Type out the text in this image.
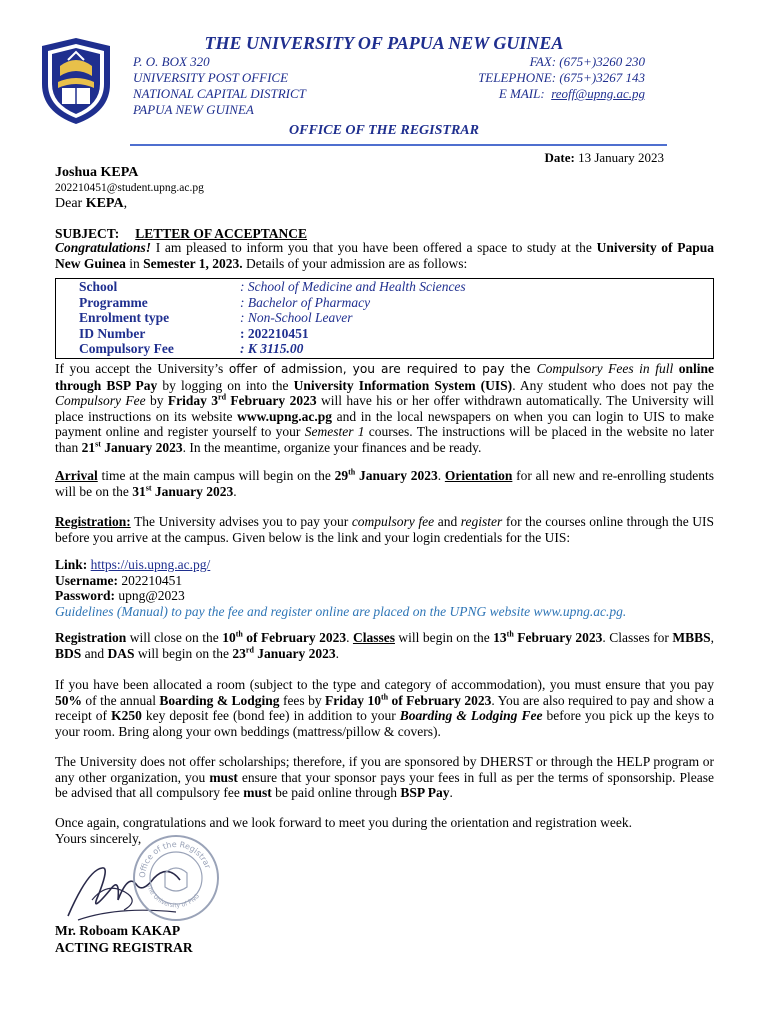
THE UNIVERSITY OF PAPUA NEW GUINEA
P. O. BOX 320
UNIVERSITY POST OFFICE
NATIONAL CAPITAL DISTRICT
PAPUA NEW GUINEA
FAX: (675+)3260 230
TELEPHONE: (675+)3267 143
E MAIL:  reoff@upng.ac.pg
OFFICE OF THE REGISTRAR
Date: 13 January 2023
Joshua KEPA
202210451@student.upng.ac.pg
Dear KEPA,
SUBJECT: LETTER OF ACCEPTANCE
Congratulations! I am pleased to inform you that you have been offered a space to study at the University of Papua New Guinea in Semester 1, 2023. Details of your admission are as follows:
School	: School of Medicine and Health Sciences
Programme	: Bachelor of Pharmacy
Enrolment type	: Non-School Leaver
ID Number	: 202210451
Compulsory Fee	: K 3115.00
If you accept the University’s offer of admission, you are required to pay the Compulsory Fees in full online through BSP Pay by logging on into the University Information System (UIS). Any student who does not pay the Compulsory Fee by Friday 3rd February 2023 will have his or her offer withdrawn automatically. The University will place instructions on its website www.upng.ac.pg and in the local newspapers on when you can login to UIS to make payment online and register yourself to your Semester 1 courses. The instructions will be placed in the website no later than 21st January 2023. In the meantime, organize your finances and be ready.
Arrival time at the main campus will begin on the 29th January 2023. Orientation for all new and re-enrolling students will be on the 31st January 2023.
Registration: The University advises you to pay your compulsory fee and register for the courses online through the UIS before you arrive at the campus. Given below is the link and your login credentials for the UIS:
Link: https://uis.upng.ac.pg/
Username: 202210451
Password: upng@2023
Guidelines (Manual) to pay the fee and register online are placed on the UPNG website www.upng.ac.pg.
Registration will close on the 10th of February 2023. Classes will begin on the 13th February 2023. Classes for MBBS, BDS and DAS will begin on the 23rd January 2023.
If you have been allocated a room (subject to the type and category of accommodation), you must ensure that you pay 50% of the annual Boarding & Lodging fees by Friday 10th of February 2023. You are also required to pay and show a receipt of K250 key deposit fee (bond fee) in addition to your Boarding & Lodging Fee before you pick up the keys to your room. Bring along your own beddings (mattress/pillow & covers).
The University does not offer scholarships; therefore, if you are sponsored by DHERST or through the HELP program or any other organization, you must ensure that your sponsor pays your fees in full as per the terms of sponsorship. Please be advised that all compulsory fee must be paid online through BSP Pay.
Once again, congratulations and we look forward to meet you during the orientation and registration week.
Yours sincerely,
Office of the Registrar
The University of PNG
Mr. Roboam KAKAP
ACTING REGISTRAR
